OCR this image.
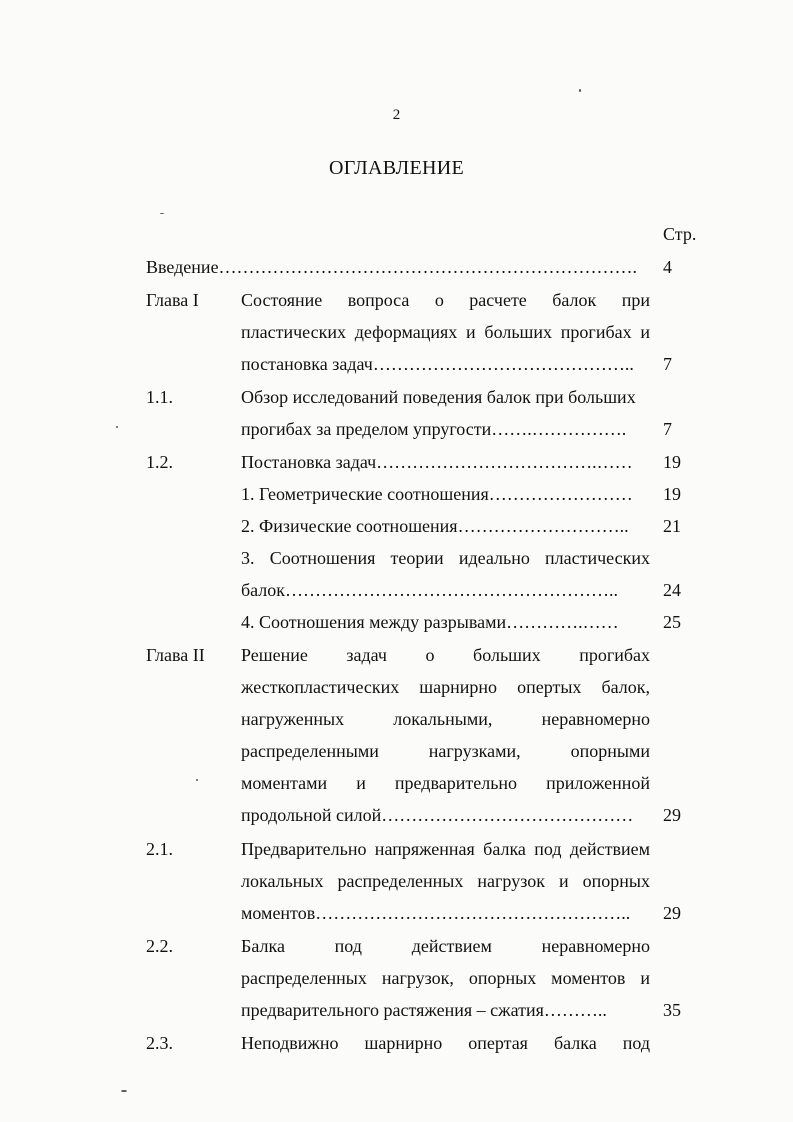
2
ОГЛАВЛЕНИЕ
Стр.
Введение……………………………………………………………. 4
Глава I Состояние вопроса о расчете балок при
пластических деформациях и больших прогибах и
постановка задач…………………………………….. 7
1.1.	Обзор исследований поведения балок при больших
прогибах за пределом упругости…….……………. 7
1.2.	Постановка задач……………………………….…… 19
1. Геометрические соотношения…………………… 19
2. Физические соотношения……………………….. 21
3. Соотношения теории идеально пластических
балок……………………………………………….. 24
4. Соотношения между разрывами………….…… 25
Глава II Решение задач о больших прогибах
жесткопластических шарнирно опертых балок,
нагруженных локальными, неравномерно
распределенными нагрузками, опорными
моментами и предварительно приложенной
продольной силой…………………………………… 29
2.1.	Предварительно напряженная балка под действием
локальных распределенных нагрузок и опорных
моментов…………………………………………….. 29
2.2.	Балка под действием неравномерно
распределенных нагрузок, опорных моментов и
предварительного растяжения – сжатия………..	35
2.3.	Неподвижно шарнирно опертая балка под
